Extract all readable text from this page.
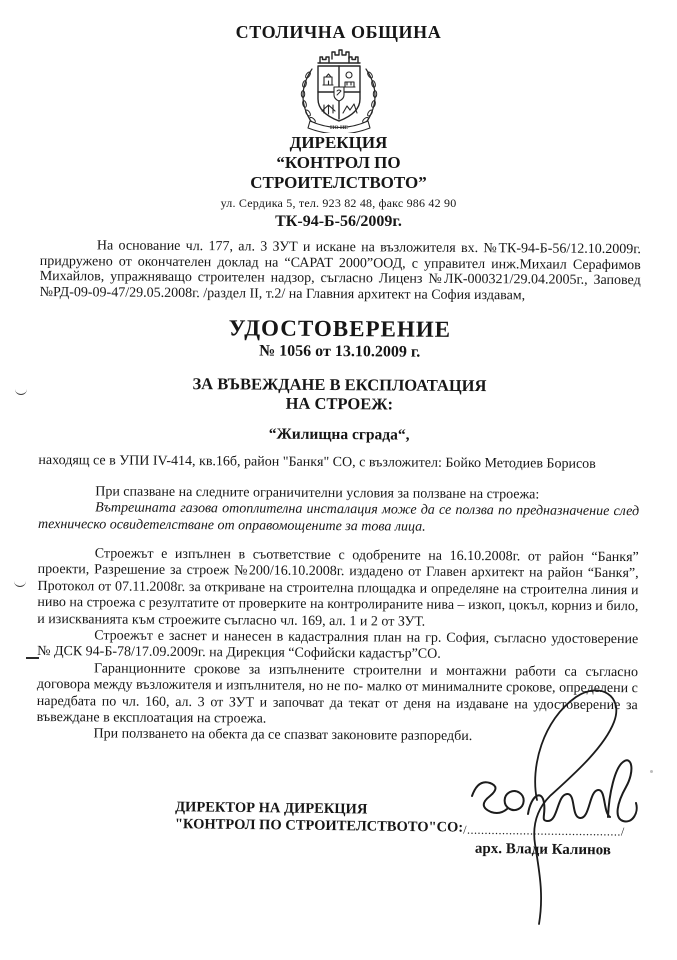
СТОЛИЧНА ОБЩИНА
НО НЕ
ДИРЕКЦИЯ
“КОНТРОЛ ПО
СТРОИТЕЛСТВОТО”
ул. Сердика 5, тел. 923 82 48, факс 986 42 90
ТК-94-Б-56/2009г.

На основание чл. 177, ал. 3 ЗУТ и искане на възложителя вх. №ТК-94-Б-56/12.10.2009г. придружено от окончателен доклад на “САРАТ 2000”ООД, с управител инж.Михаил Серафимов Михайлов, упражняващо строителен надзор, съгласно Лиценз №ЛК-000321/29.04.2005г., Заповед №РД-09-09-47/29.05.2008г. /раздел II, т.2/ на Главния архитект на София издавам,

УДОСТОВЕРЕНИЕ
№ 1056 от 13.10.2009 г.
ЗА ВЪВЕЖДАНЕ В ЕКСПЛОАТАЦИЯ
НА СТРОЕЖ:
“Жилищна сграда“,

находящ се в УПИ IV-414, кв.16б, район "Банкя" СО, с възложител: Бойко Методиев Борисов

При спазване на следните ограничителни условия за ползване на строежа:

Вътрешната газова отоплителна инсталация може да се ползва по предназначение след техническо освидетелстване от оправомощените за това лица.

Строежът е изпълнен в съответствие с одобрените на 16.10.2008г. от район “Банкя” проекти, Разрешение за строеж №200/16.10.2008г. издадено от Главен архитект на район “Банкя”, Протокол от 07.11.2008г. за откриване на строителна площадка и определяне на строителна линия и ниво на строежа с резултатите от проверките на контролираните нива – изкоп, цокъл, корниз и било, и изискванията към строежите съгласно чл. 169, ал. 1 и 2 от ЗУТ.

Строежът е заснет и нанесен в кадастралния план на гр. София, съгласно удостоверение № ДСК 94-Б-78/17.09.2009г. на Дирекция “Софийски кадастър”СО.

Гаранционните срокове за изпълнените строителни и монтажни работи са съгласно договора между възложителя и изпълнителя, но не по- малко от минималните срокове, определени с наредбата по чл. 160, ал. 3 от ЗУТ и започват да текат от деня на издаване на удостоверение за въвеждане в експлоатация на строежа.

При ползването на обекта да се спазват законовите разпоредби.

ДИРЕКТОР НА ДИРЕКЦИЯ
"КОНТРОЛ ПО СТРОИТЕЛСТВОТО"СО: /............................................/
арх. Влади Калинов
